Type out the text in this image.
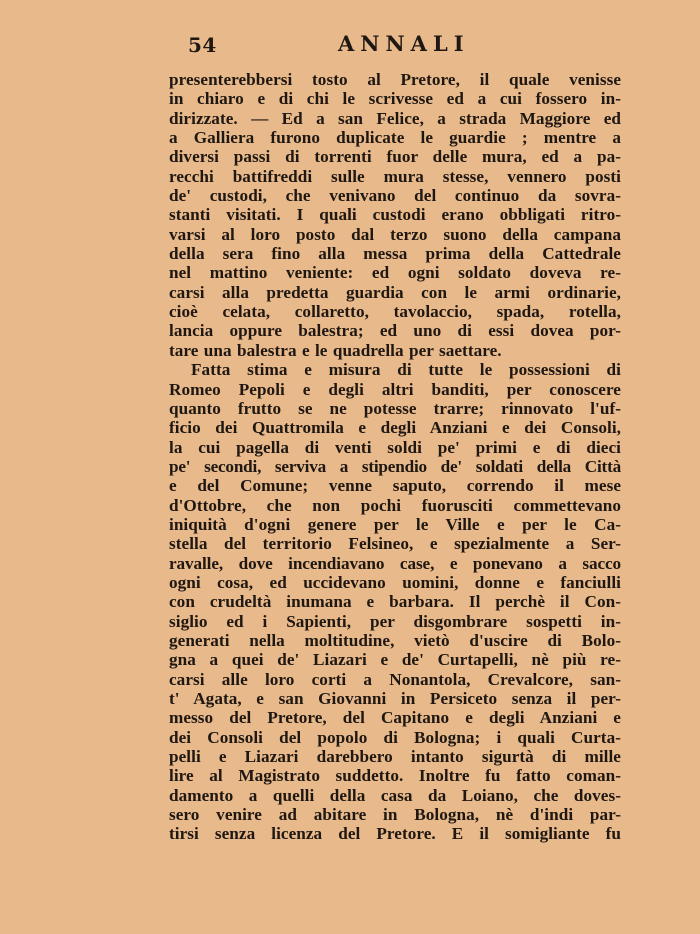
54	ANNALI
presenterebbersi tosto al Pretore, il quale venisse
in chiaro e di chi le scrivesse ed a cui fossero in-
dirizzate. — Ed a san Felice, a strada Maggiore ed
a Galliera furono duplicate le guardie ; mentre a
diversi passi di torrenti fuor delle mura, ed a pa-
recchi battifreddi sulle mura stesse, vennero posti
de' custodi, che venivano del continuo da sovra-
stanti visitati. I quali custodi erano obbligati ritro-
varsi al loro posto dal terzo suono della campana
della sera fino alla messa prima della Cattedrale
nel mattino veniente: ed ogni soldato doveva re-
carsi alla predetta guardia con le armi ordinarie,
cioè celata, collaretto, tavolaccio, spada, rotella,
lancia oppure balestra; ed uno di essi dovea por-
tare una balestra e le quadrella per saettare.
Fatta stima e misura di tutte le possessioni di
Romeo Pepoli e degli altri banditi, per conoscere
quanto frutto se ne potesse trarre; rinnovato l'uf-
ficio dei Quattromila e degli Anziani e dei Consoli,
la cui pagella di venti soldi pe' primi e di dieci
pe' secondi, serviva a stipendio de' soldati della Città
e del Comune; venne saputo, correndo il mese
d'Ottobre, che non pochi fuorusciti commettevano
iniquità d'ogni genere per le Ville e per le Ca-
stella del territorio Felsineo, e spezialmente a Ser-
ravalle, dove incendiavano case, e ponevano a sacco
ogni cosa, ed uccidevano uomini, donne e fanciulli
con crudeltà inumana e barbara. Il perchè il Con-
siglio ed i Sapienti, per disgombrare sospetti in-
generati nella moltitudine, vietò d'uscire di Bolo-
gna a quei de' Liazari e de' Curtapelli, nè più re-
carsi alle loro corti a Nonantola, Crevalcore, san-
t' Agata, e san Giovanni in Persiceto senza il per-
messo del Pretore, del Capitano e degli Anziani e
dei Consoli del popolo di Bologna; i quali Curta-
pelli e Liazari darebbero intanto sigurtà di mille
lire al Magistrato suddetto. Inoltre fu fatto coman-
damento a quelli della casa da Loiano, che doves-
sero venire ad abitare in Bologna, nè d'indi par-
tirsi senza licenza del Pretore. E il somigliante fu
